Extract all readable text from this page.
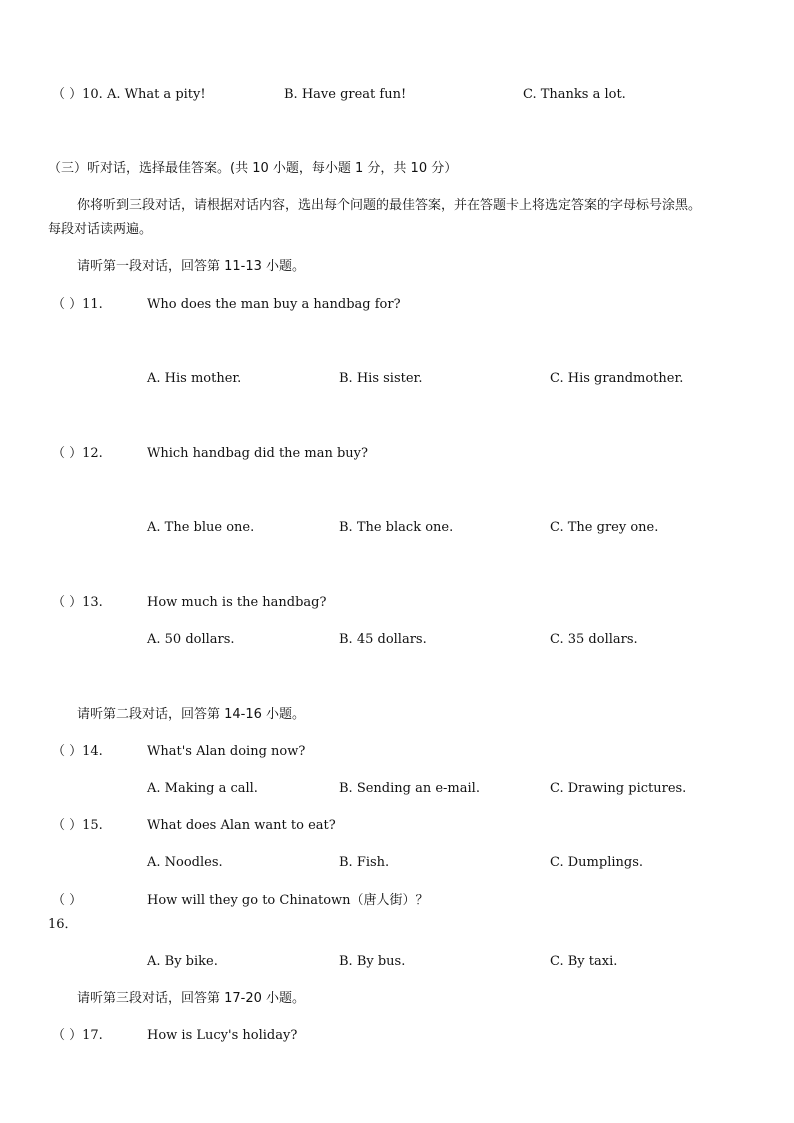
（ ）10. A. What a pity!	B. Have great fun!	C. Thanks a lot.
（三）听对话，选择最佳答案。(共 10 小题，每小题 1 分，共 10 分）
你将听到三段对话，请根据对话内容，选出每个问题的最佳答案，并在答题卡上将选定答案的字母标号涂黑。
每段对话读两遍。
请听第一段对话，回答第 11-13 小题。
（ ）11.	Who does the man buy a handbag for?
A. His mother.	B. His sister.	C. His grandmother.
（ ）12.	Which handbag did the man buy?
A. The blue one.	B. The black one.	C. The grey one.
（ ）13.	How much is the handbag?
A. 50 dollars.	B. 45 dollars.	C. 35 dollars.
请听第二段对话，回答第 14-16 小题。
（ ）14.	What's Alan doing now?
A. Making a call.	B. Sending an e-mail.	C. Drawing pictures.
（ ）15.	What does Alan want to eat?
A. Noodles.	B. Fish.	C. Dumplings.
（ ）	How will they go to Chinatown（唐人街）？
16．
A. By bike.	B. By bus.	C. By taxi.
请听第三段对话，回答第 17-20 小题。
（ ）17.	How is Lucy's holiday?
